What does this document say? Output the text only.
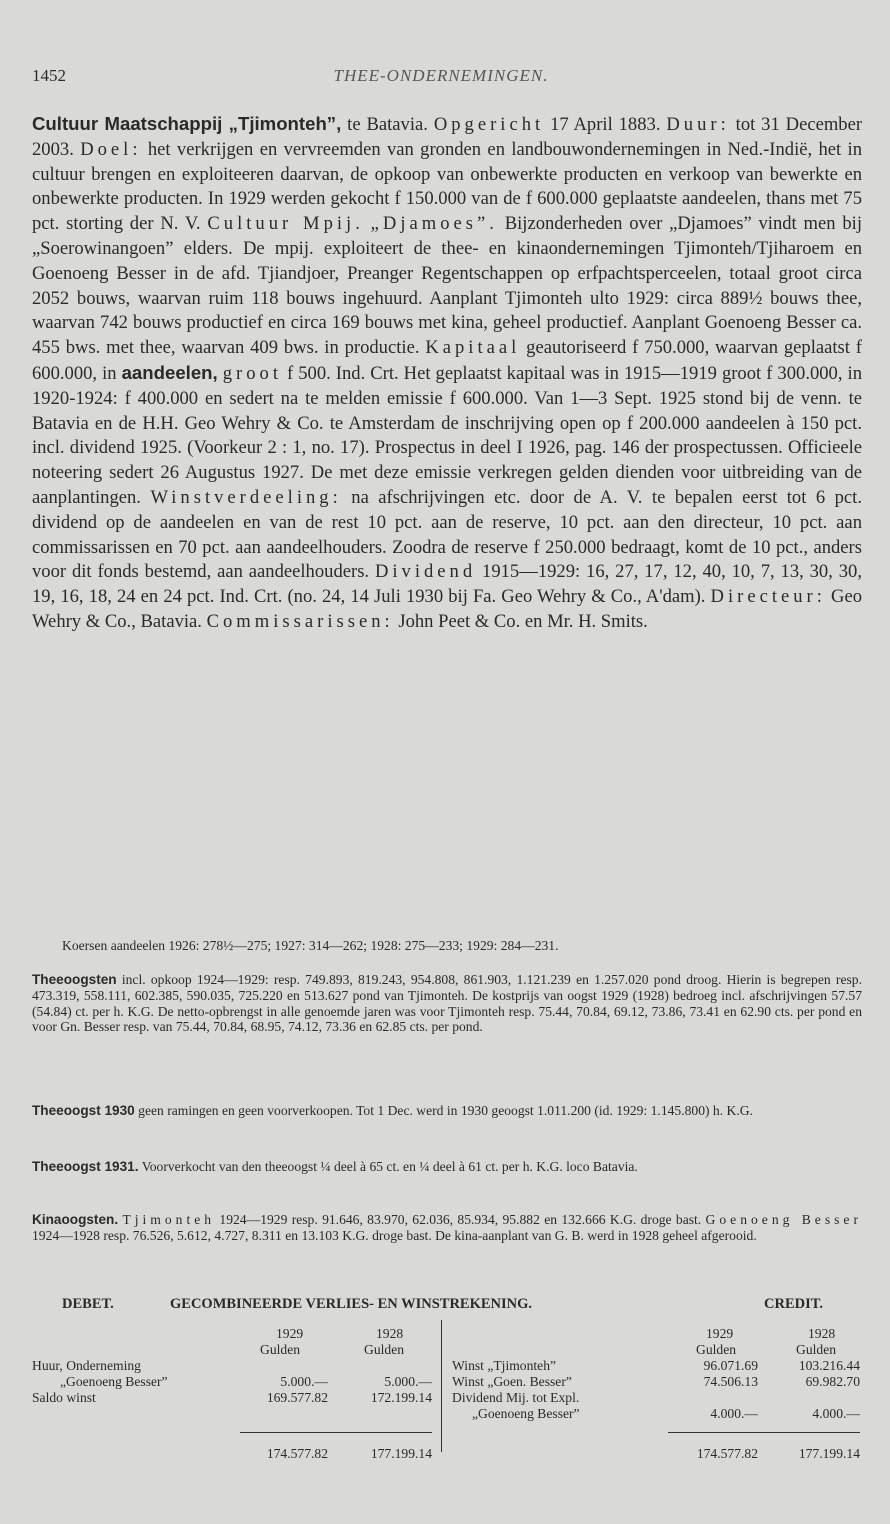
1452	THEE-ONDERNEMINGEN.

Cultuur Maatschappij „Tjimonteh”, te Batavia. Opgericht 17 April 1883. Duur: tot 31 December 2003. Doel: het verkrijgen en vervreemden van gronden en landbouwondernemingen in Ned.-Indië, het in cultuur brengen en exploiteeren daarvan, de opkoop van onbewerkte producten en verkoop van bewerkte en onbewerkte producten. In 1929 werden gekocht f 150.000 van de f 600.000 geplaatste aandeelen, thans met 75 pct. storting der N. V. Cultuur Mpij. „Djamoes”. Bijzonderheden over „Djamoes” vindt men bij „Soerowinangoen” elders. De mpij. exploiteert de thee- en kinaondernemingen Tjimonteh/Tjiharoem en Goenoeng Besser in de afd. Tjiandjoer, Preanger Regentschappen op erfpachtsperceelen, totaal groot circa 2052 bouws, waarvan ruim 118 bouws ingehuurd. Aanplant Tjimonteh ulto 1929: circa 889½ bouws thee, waarvan 742 bouws productief en circa 169 bouws met kina, geheel productief. Aanplant Goenoeng Besser ca. 455 bws. met thee, waarvan 409 bws. in productie. Kapitaal geautoriseerd f 750.000, waarvan geplaatst f 600.000, in aandeelen, groot f 500. Ind. Crt. Het geplaatst kapitaal was in 1915—1919 groot f 300.000, in 1920-1924: f 400.000 en sedert na te melden emissie f 600.000. Van 1—3 Sept. 1925 stond bij de venn. te Batavia en de H.H. Geo Wehry & Co. te Amsterdam de inschrijving open op f 200.000 aandeelen à 150 pct. incl. dividend 1925. (Voorkeur 2 : 1, no. 17). Prospectus in deel I 1926, pag. 146 der prospectussen. Officieele noteering sedert 26 Augustus 1927. De met deze emissie verkregen gelden dienden voor uitbreiding van de aanplantingen. Winstverdeeling: na afschrijvingen etc. door de A. V. te bepalen eerst tot 6 pct. dividend op de aandeelen en van de rest 10 pct. aan de reserve, 10 pct. aan den directeur, 10 pct. aan commissarissen en 70 pct. aan aandeelhouders. Zoodra de reserve f 250.000 bedraagt, komt de 10 pct., anders voor dit fonds bestemd, aan aandeelhouders. Dividend 1915—1929: 16, 27, 17, 12, 40, 10, 7, 13, 30, 30, 19, 16, 18, 24 en 24 pct. Ind. Crt. (no. 24, 14 Juli 1930 bij Fa. Geo Wehry & Co., A'dam). Directeur: Geo Wehry & Co., Batavia. Commissarissen: John Peet & Co. en Mr. H. Smits.

Koersen aandeelen 1926: 278½—275; 1927: 314—262; 1928: 275—233; 1929: 284—231.

Theeoogsten incl. opkoop 1924—1929: resp. 749.893, 819.243, 954.808, 861.903, 1.121.239 en 1.257.020 pond droog. Hierin is begrepen resp. 473.319, 558.111, 602.385, 590.035, 725.220 en 513.627 pond van Tjimonteh. De kostprijs van oogst 1929 (1928) bedroeg incl. afschrijvingen 57.57 (54.84) ct. per h. K.G. De netto-opbrengst in alle genoemde jaren was voor Tjimonteh resp. 75.44, 70.84, 69.12, 73.86, 73.41 en 62.90 cts. per pond en voor Gn. Besser resp. van 75.44, 70.84, 68.95, 74.12, 73.36 en 62.85 cts. per pond.

Theeoogst 1930 geen ramingen en geen voorverkoopen. Tot 1 Dec. werd in 1930 geoogst 1.011.200 (id. 1929: 1.145.800) h. K.G.

Theeoogst 1931. Voorverkocht van den theeoogst ¼ deel à 65 ct. en ¼ deel à 61 ct. per h. K.G. loco Batavia.

Kinaoogsten. Tjimonteh 1924—1929 resp. 91.646, 83.970, 62.036, 85.934, 95.882 en 132.666 K.G. droge bast. Goenoeng Besser 1924—1928 resp. 76.526, 5.612, 4.727, 8.311 en 13.103 K.G. droge bast. De kina-aanplant van G. B. werd in 1928 geheel afgerooid.

DEBET.	GECOMBINEERDE VERLIES- EN WINSTREKENING.	CREDIT.
1929	1928
Gulden	Gulden
1929	1928
Gulden	Gulden
Huur, Onderneming
„Goenoeng Besser”	5.000.—	5.000.—
Saldo winst	169.577.82	172.199.14
Winst „Tjimonteh”	96.071.69	103.216.44
Winst „Goen. Besser”	74.506.13	69.982.70
Dividend Mij. tot Expl.
„Goenoeng Besser”	4.000.—	4.000.—
174.577.82	177.199.14	174.577.82	177.199.14
